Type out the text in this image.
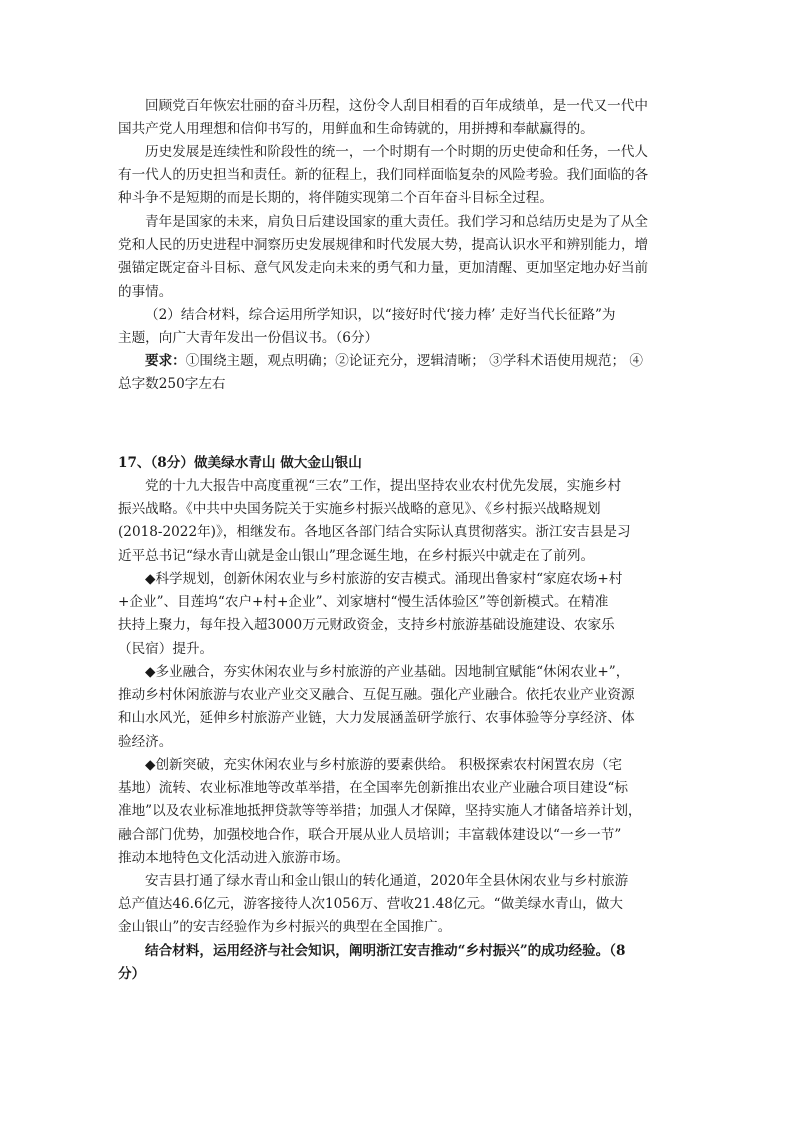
回顾党百年恢宏壮丽的奋斗历程，这份令人刮目相看的百年成绩单，是一代又一代中
国共产党人用理想和信仰书写的，用鲜血和生命铸就的，用拼搏和奉献赢得的。
历史发展是连续性和阶段性的统一，一个时期有一个时期的历史使命和任务，一代人
有一代人的历史担当和责任。新的征程上，我们同样面临复杂的风险考验。我们面临的各
种斗争不是短期的而是长期的，将伴随实现第二个百年奋斗目标全过程。
青年是国家的未来，肩负日后建设国家的重大责任。我们学习和总结历史是为了从全
党和人民的历史进程中洞察历史发展规律和时代发展大势，提高认识水平和辨别能力，增
强锚定既定奋斗目标、意气风发走向未来的勇气和力量，更加清醒、更加坚定地办好当前
的事情。
（2）结合材料，综合运用所学知识，以“接好时代‘接力棒’ 走好当代长征路”为
主题，向广大青年发出一份倡议书。（6分）
要求：①围绕主题，观点明确；②论证充分，逻辑清晰； ③学科术语使用规范； ④
总字数250字左右
17、（8分）做美绿水青山 做大金山银山
党的十九大报告中高度重视“三农”工作，提出坚持农业农村优先发展，实施乡村
振兴战略。《中共中央国务院关于实施乡村振兴战略的意见》、《乡村振兴战略规划
(2018-2022年)》，相继发布。各地区各部门结合实际认真贯彻落实。浙江安吉县是习
近平总书记“绿水青山就是金山银山”理念诞生地，在乡村振兴中就走在了前列。
◆科学规划，创新休闲农业与乡村旅游的安吉模式。涌现出鲁家村“家庭农场+村
+企业”、目莲坞“农户+村+企业”、刘家塘村“慢生活体验区”等创新模式。在精准
扶持上聚力，每年投入超3000万元财政资金，支持乡村旅游基础设施建设、农家乐
（民宿）提升。
◆多业融合，夯实休闲农业与乡村旅游的产业基础。因地制宜赋能“休闲农业+”，
推动乡村休闲旅游与农业产业交叉融合、互促互融。强化产业融合。依托农业产业资源
和山水风光，延伸乡村旅游产业链，大力发展涵盖研学旅行、农事体验等分享经济、体
验经济。
◆创新突破，充实休闲农业与乡村旅游的要素供给。 积极探索农村闲置农房（宅
基地）流转、农业标准地等改革举措，在全国率先创新推出农业产业融合项目建设“标
准地”以及农业标准地抵押贷款等等举措；加强人才保障，坚持实施人才储备培养计划，
融合部门优势，加强校地合作，联合开展从业人员培训；丰富载体建设以“一乡一节”
推动本地特色文化活动进入旅游市场。
安吉县打通了绿水青山和金山银山的转化通道，2020年全县休闲农业与乡村旅游
总产值达46.6亿元，游客接待人次1056万、营收21.48亿元。“做美绿水青山，做大
金山银山”的安吉经验作为乡村振兴的典型在全国推广。
结合材料，运用经济与社会知识，阐明浙江安吉推动“乡村振兴”的成功经验。（8
分）
